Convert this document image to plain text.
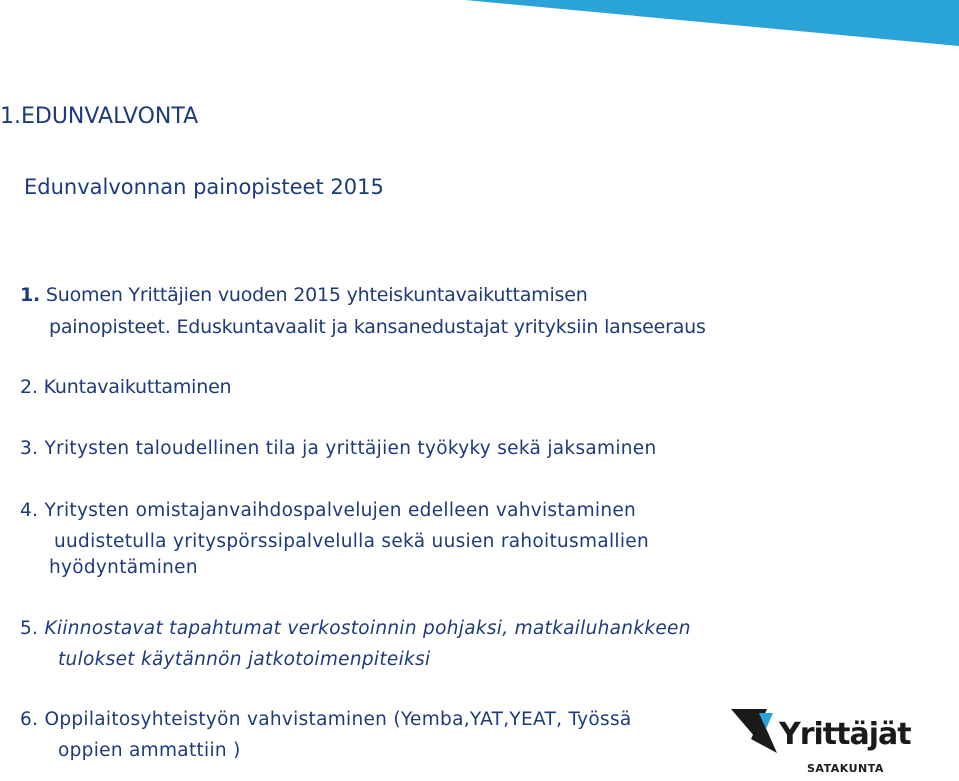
1.EDUNVALVONTA
Edunvalvonnan painopisteet 2015
1. Suomen Yrittäjien vuoden 2015 yhteiskuntavaikuttamisen
painopisteet. Eduskuntavaalit ja kansanedustajat yrityksiin lanseeraus
2. Kuntavaikuttaminen
3. Yritysten taloudellinen tila ja yrittäjien työkyky sekä jaksaminen
4. Yritysten omistajanvaihdospalvelujen edelleen vahvistaminen
uudistetulla yrityspörssipalvelulla sekä uusien rahoitusmallien
hyödyntäminen
5. Kiinnostavat tapahtumat verkostoinnin pohjaksi, matkailuhankkeen
tulokset käytännön jatkotoimenpiteiksi
6. Oppilaitosyhteistyön vahvistaminen (Yemba,YAT,YEAT, Työssä
oppien ammattiin )	Yrittäjät
SATAKUNTA
